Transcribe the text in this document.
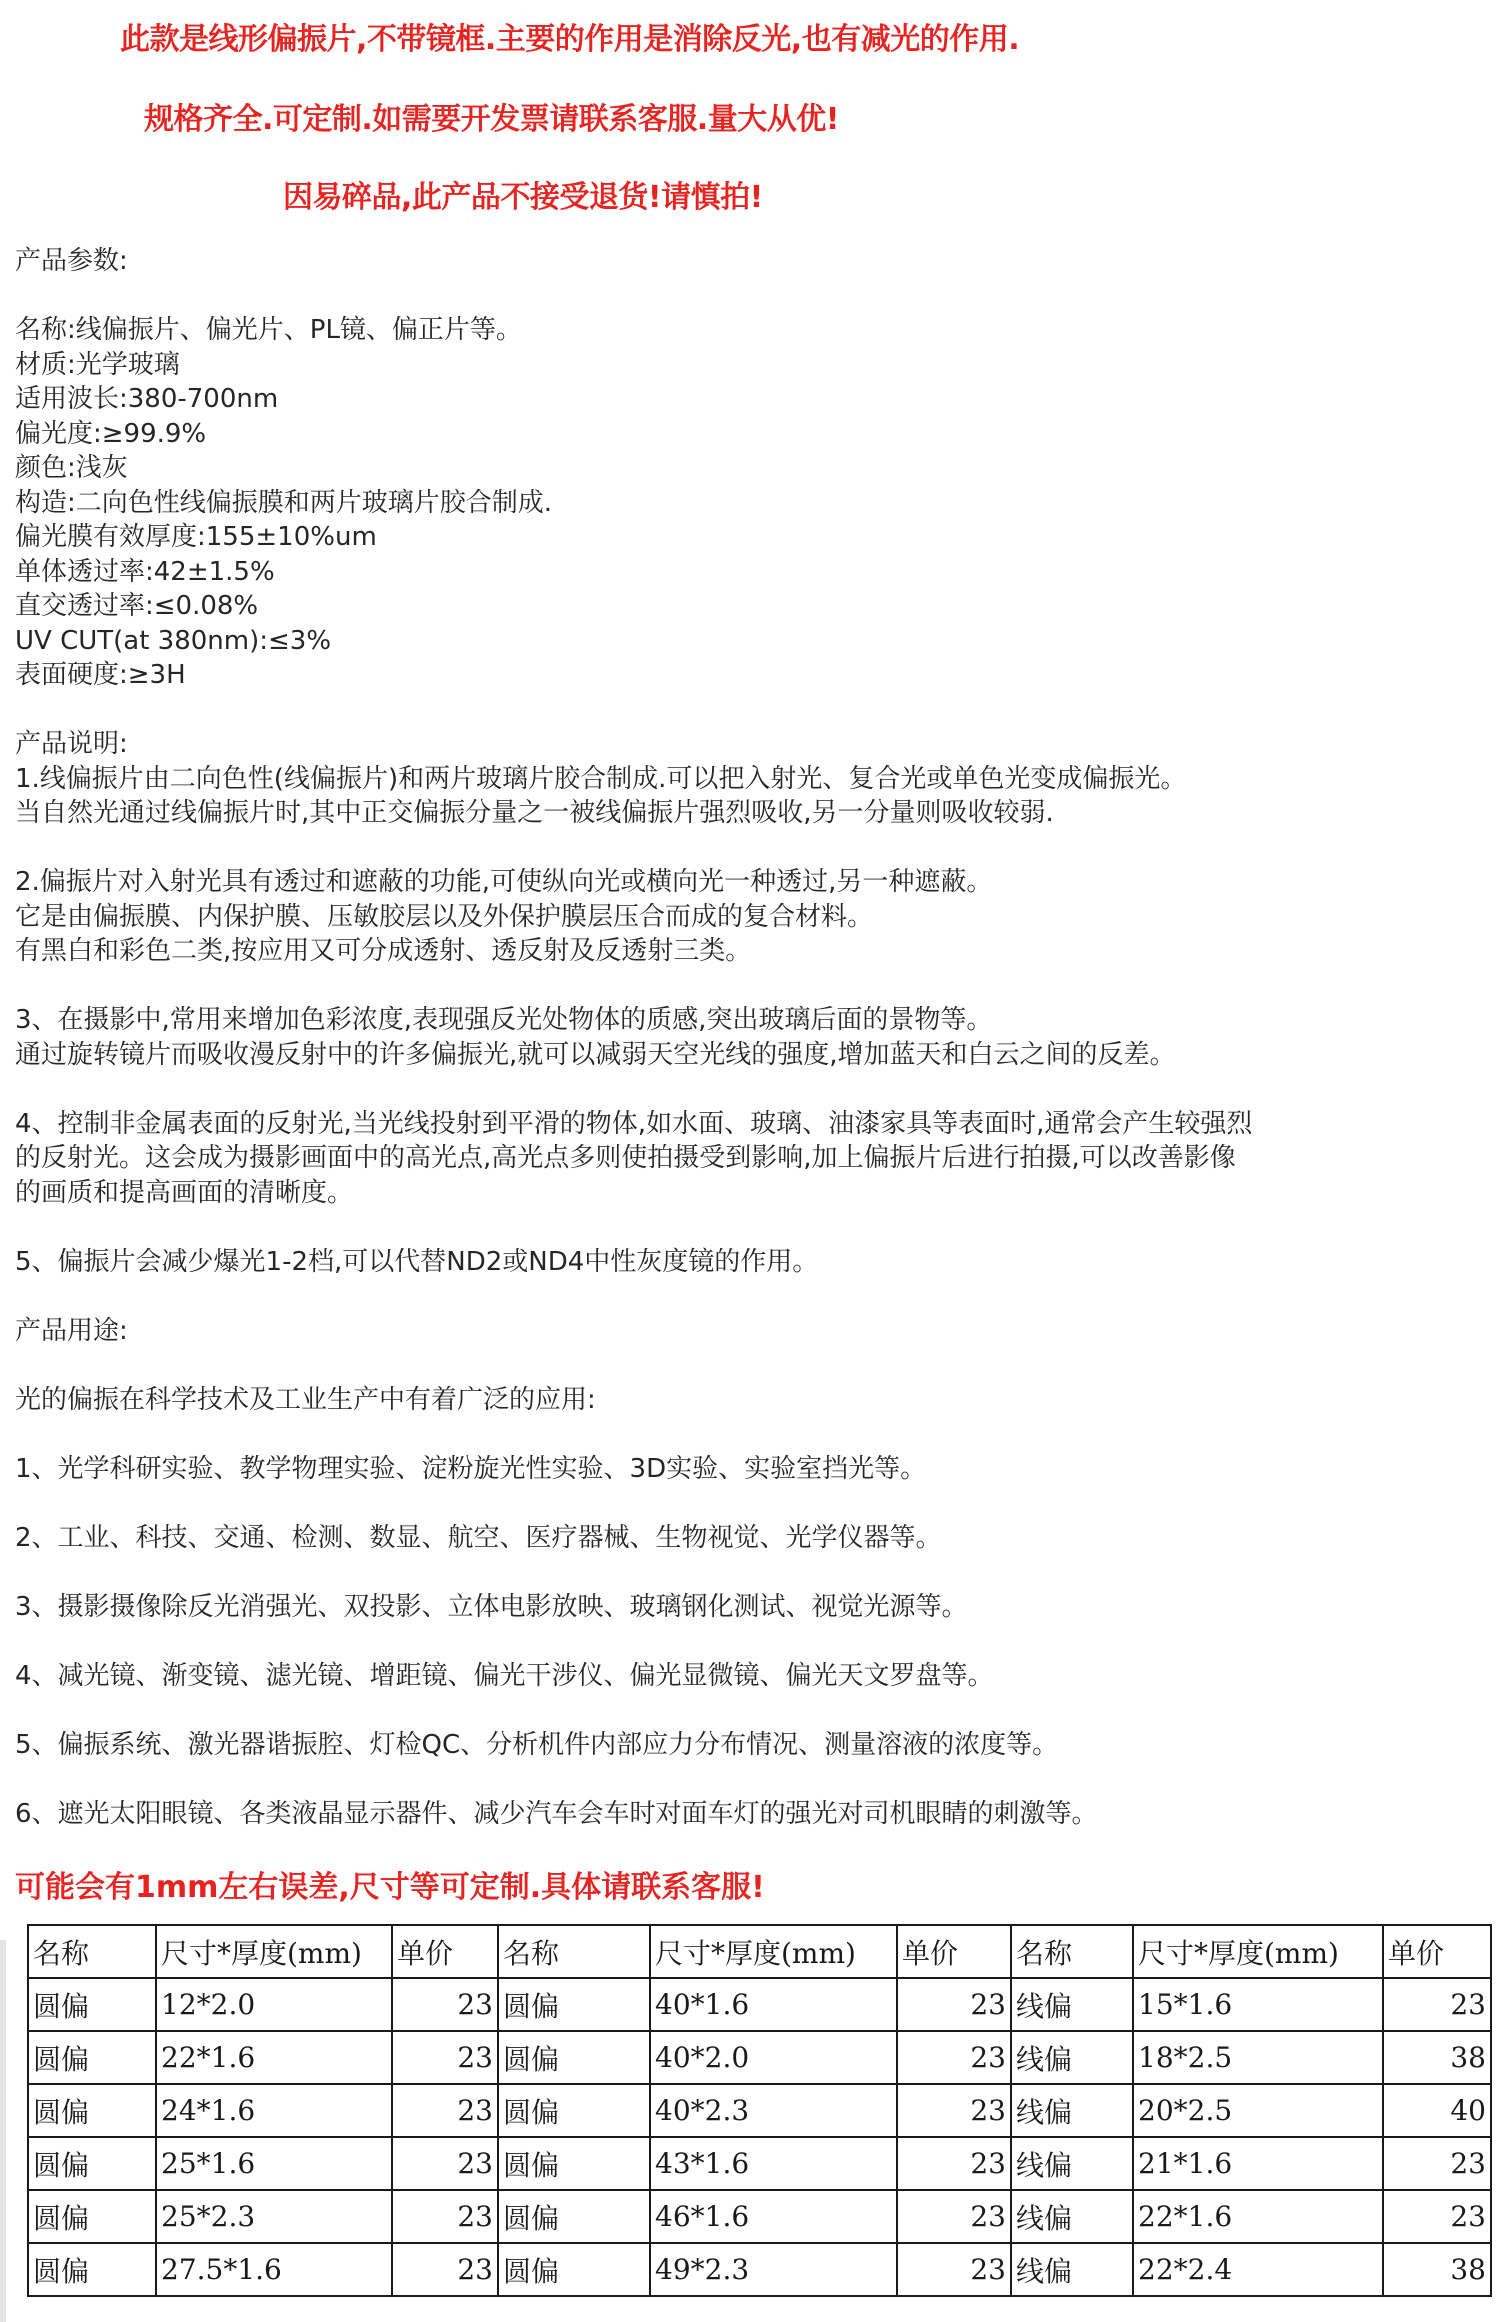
此款是线形偏振片,不带镜框.主要的作用是消除反光,也有减光的作用.
规格齐全.可定制.如需要开发票请联系客服.量大从优!
因易碎品,此产品不接受退货!请慎拍!
产品参数:
名称:线偏振片、偏光片、PL镜、偏正片等。
材质:光学玻璃
适用波长:380-700nm
偏光度:≥99.9%
颜色:浅灰
构造:二向色性线偏振膜和两片玻璃片胶合制成.
偏光膜有效厚度:155±10%um
单体透过率:42±1.5%
直交透过率:≤0.08%
UV CUT(at 380nm):≤3%
表面硬度:≥3H
产品说明:
1.线偏振片由二向色性(线偏振片)和两片玻璃片胶合制成.可以把入射光、复合光或单色光变成偏振光。
当自然光通过线偏振片时,其中正交偏振分量之一被线偏振片强烈吸收,另一分量则吸收较弱.
2.偏振片对入射光具有透过和遮蔽的功能,可使纵向光或横向光一种透过,另一种遮蔽。
它是由偏振膜、内保护膜、压敏胶层以及外保护膜层压合而成的复合材料。
有黑白和彩色二类,按应用又可分成透射、透反射及反透射三类。
3、在摄影中,常用来增加色彩浓度,表现强反光处物体的质感,突出玻璃后面的景物等。
通过旋转镜片而吸收漫反射中的许多偏振光,就可以减弱天空光线的强度,增加蓝天和白云之间的反差。
4、控制非金属表面的反射光,当光线投射到平滑的物体,如水面、玻璃、油漆家具等表面时,通常会产生较强烈
的反射光。这会成为摄影画面中的高光点,高光点多则使拍摄受到影响,加上偏振片后进行拍摄,可以改善影像
的画质和提高画面的清晰度。
5、偏振片会减少爆光1-2档,可以代替ND2或ND4中性灰度镜的作用。
产品用途:
光的偏振在科学技术及工业生产中有着广泛的应用:
1、光学科研实验、教学物理实验、淀粉旋光性实验、3D实验、实验室挡光等。
2、工业、科技、交通、检测、数显、航空、医疗器械、生物视觉、光学仪器等。
3、摄影摄像除反光消强光、双投影、立体电影放映、玻璃钢化测试、视觉光源等。
4、减光镜、渐变镜、滤光镜、增距镜、偏光干涉仪、偏光显微镜、偏光天文罗盘等。
5、偏振系统、激光器谐振腔、灯检QC、分析机件内部应力分布情况、测量溶液的浓度等。
6、遮光太阳眼镜、各类液晶显示器件、减少汽车会车时对面车灯的强光对司机眼睛的刺激等。
可能会有1mm左右误差,尺寸等可定制.具体请联系客服!
名称	尺寸*厚度(mm)	单价	名称	尺寸*厚度(mm)	单价	名称	尺寸*厚度(mm)	单价
圆偏	12*2.0	23	圆偏	40*1.6	23	线偏	15*1.6	23
圆偏	22*1.6	23	圆偏	40*2.0	23	线偏	18*2.5	38
圆偏	24*1.6	23	圆偏	40*2.3	23	线偏	20*2.5	40
圆偏	25*1.6	23	圆偏	43*1.6	23	线偏	21*1.6	23
圆偏	25*2.3	23	圆偏	46*1.6	23	线偏	22*1.6	23
圆偏	27.5*1.6	23	圆偏	49*2.3	23	线偏	22*2.4	38
